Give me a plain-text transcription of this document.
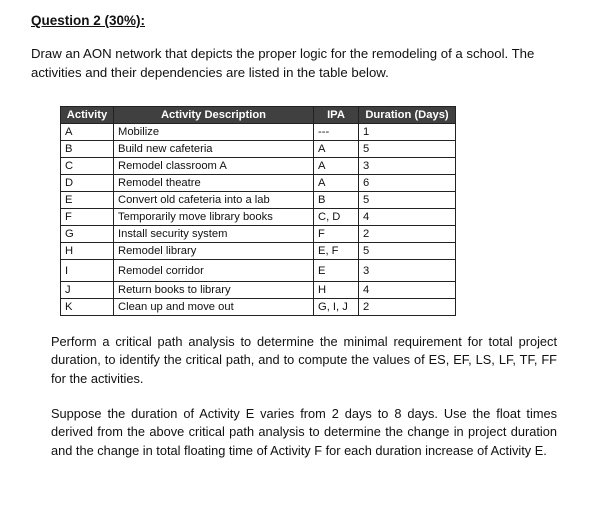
Question 2 (30%):
Draw an AON network that depicts the proper logic for the remodeling of a school. The activities and their dependencies are listed in the table below.
Activity	Activity Description	IPA	Duration (Days)
A	Mobilize	---	1
B	Build new cafeteria	A	5
C	Remodel classroom A	A	3
D	Remodel theatre	A	6
E	Convert old cafeteria into a lab	B	5
F	Temporarily move library books	C, D	4
G	Install security system	F	2
H	Remodel library	E, F	5
I	Remodel corridor	E	3
J	Return books to library	H	4
K	Clean up and move out	G, I, J	2
Perform a critical path analysis to determine the minimal requirement for total project duration, to identify the critical path, and to compute the values of ES, EF, LS, LF, TF, FF for the activities.
Suppose the duration of Activity E varies from 2 days to 8 days. Use the float times derived from the above critical path analysis to determine the change in project duration and the change in total floating time of Activity F for each duration increase of Activity E.
